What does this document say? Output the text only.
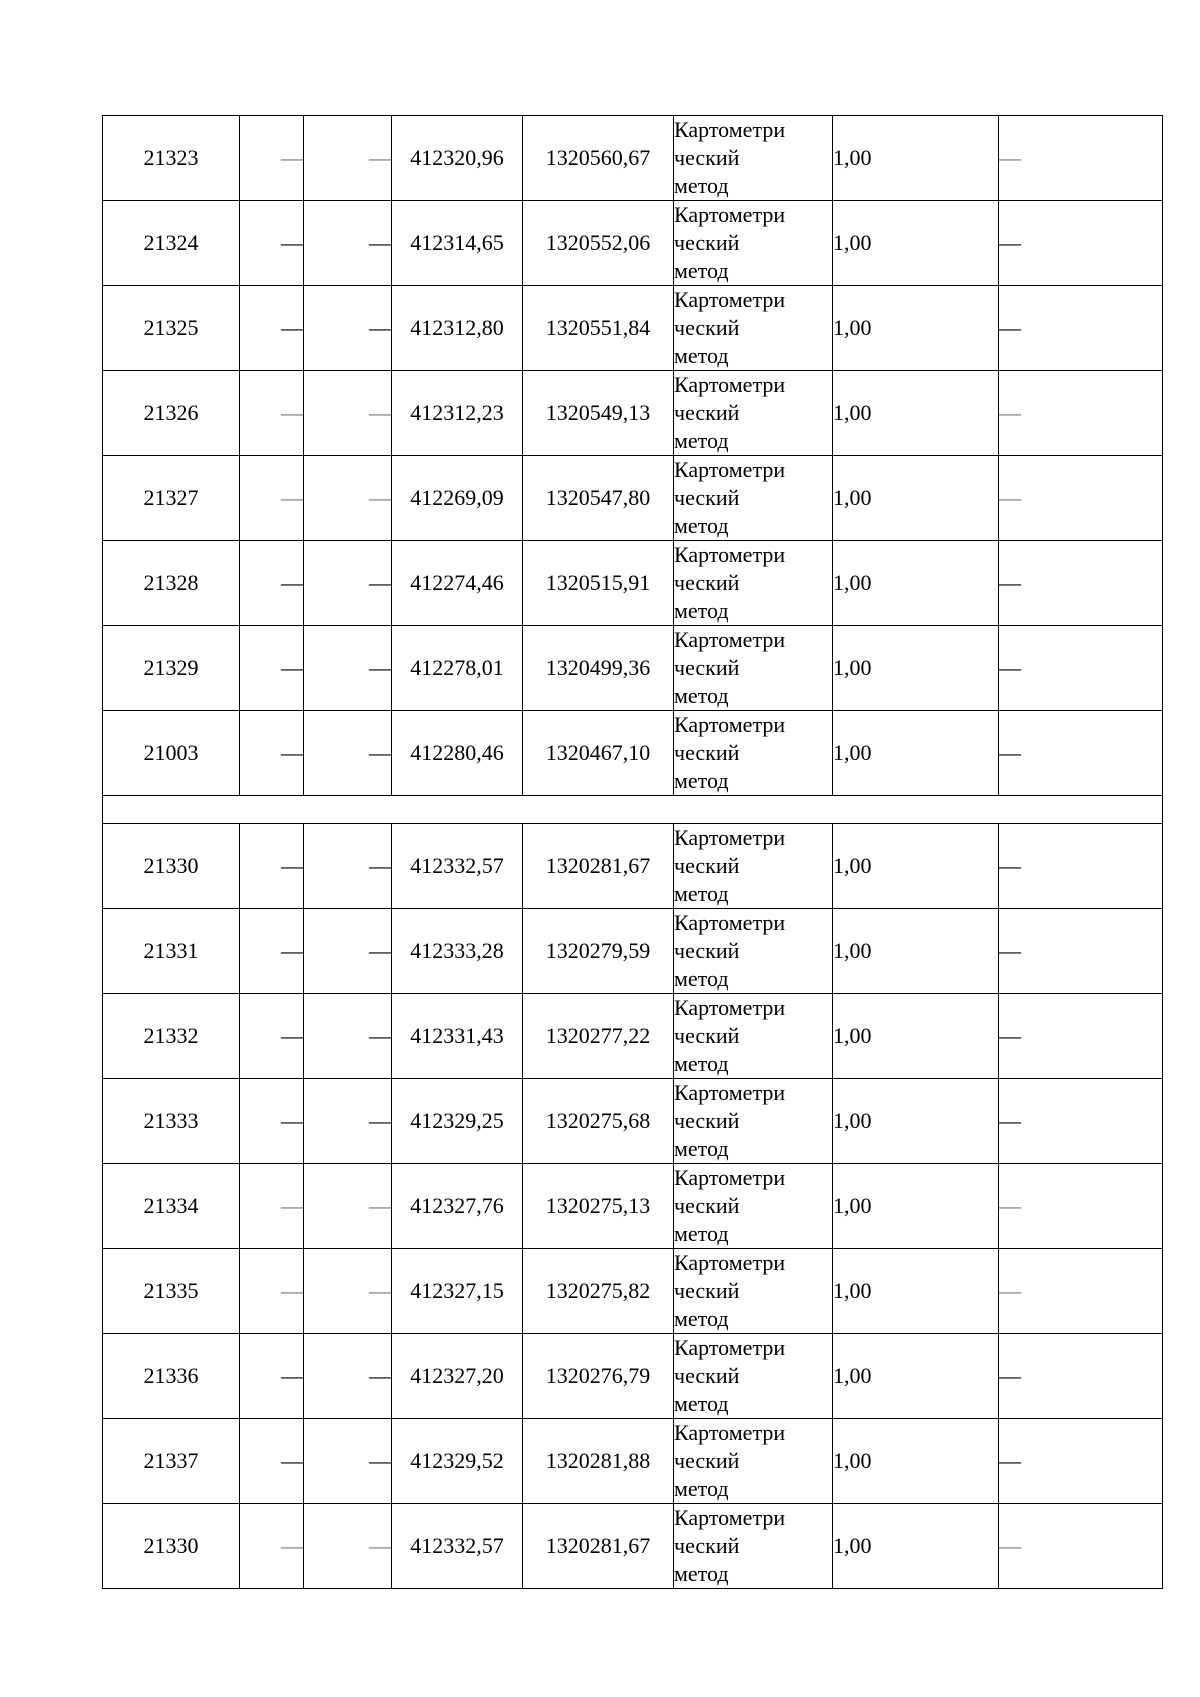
21323	—	—	412320,96	1320560,67	Картометри
ческий
метод	1,00	—
21324	—	—	412314,65	1320552,06	Картометри
ческий
метод	1,00	—
21325	—	—	412312,80	1320551,84	Картометри
ческий
метод	1,00	—
21326	—	—	412312,23	1320549,13	Картометри
ческий
метод	1,00	—
21327	—	—	412269,09	1320547,80	Картометри
ческий
метод	1,00	—
21328	—	—	412274,46	1320515,91	Картометри
ческий
метод	1,00	—
21329	—	—	412278,01	1320499,36	Картометри
ческий
метод	1,00	—
21003	—	—	412280,46	1320467,10	Картометри
ческий
метод	1,00	—

21330	—	—	412332,57	1320281,67	Картометри
ческий
метод	1,00	—
21331	—	—	412333,28	1320279,59	Картометри
ческий
метод	1,00	—
21332	—	—	412331,43	1320277,22	Картометри
ческий
метод	1,00	—
21333	—	—	412329,25	1320275,68	Картометри
ческий
метод	1,00	—
21334	—	—	412327,76	1320275,13	Картометри
ческий
метод	1,00	—
21335	—	—	412327,15	1320275,82	Картометри
ческий
метод	1,00	—
21336	—	—	412327,20	1320276,79	Картометри
ческий
метод	1,00	—
21337	—	—	412329,52	1320281,88	Картометри
ческий
метод	1,00	—
21330	—	—	412332,57	1320281,67	Картометри
ческий
метод	1,00	—
